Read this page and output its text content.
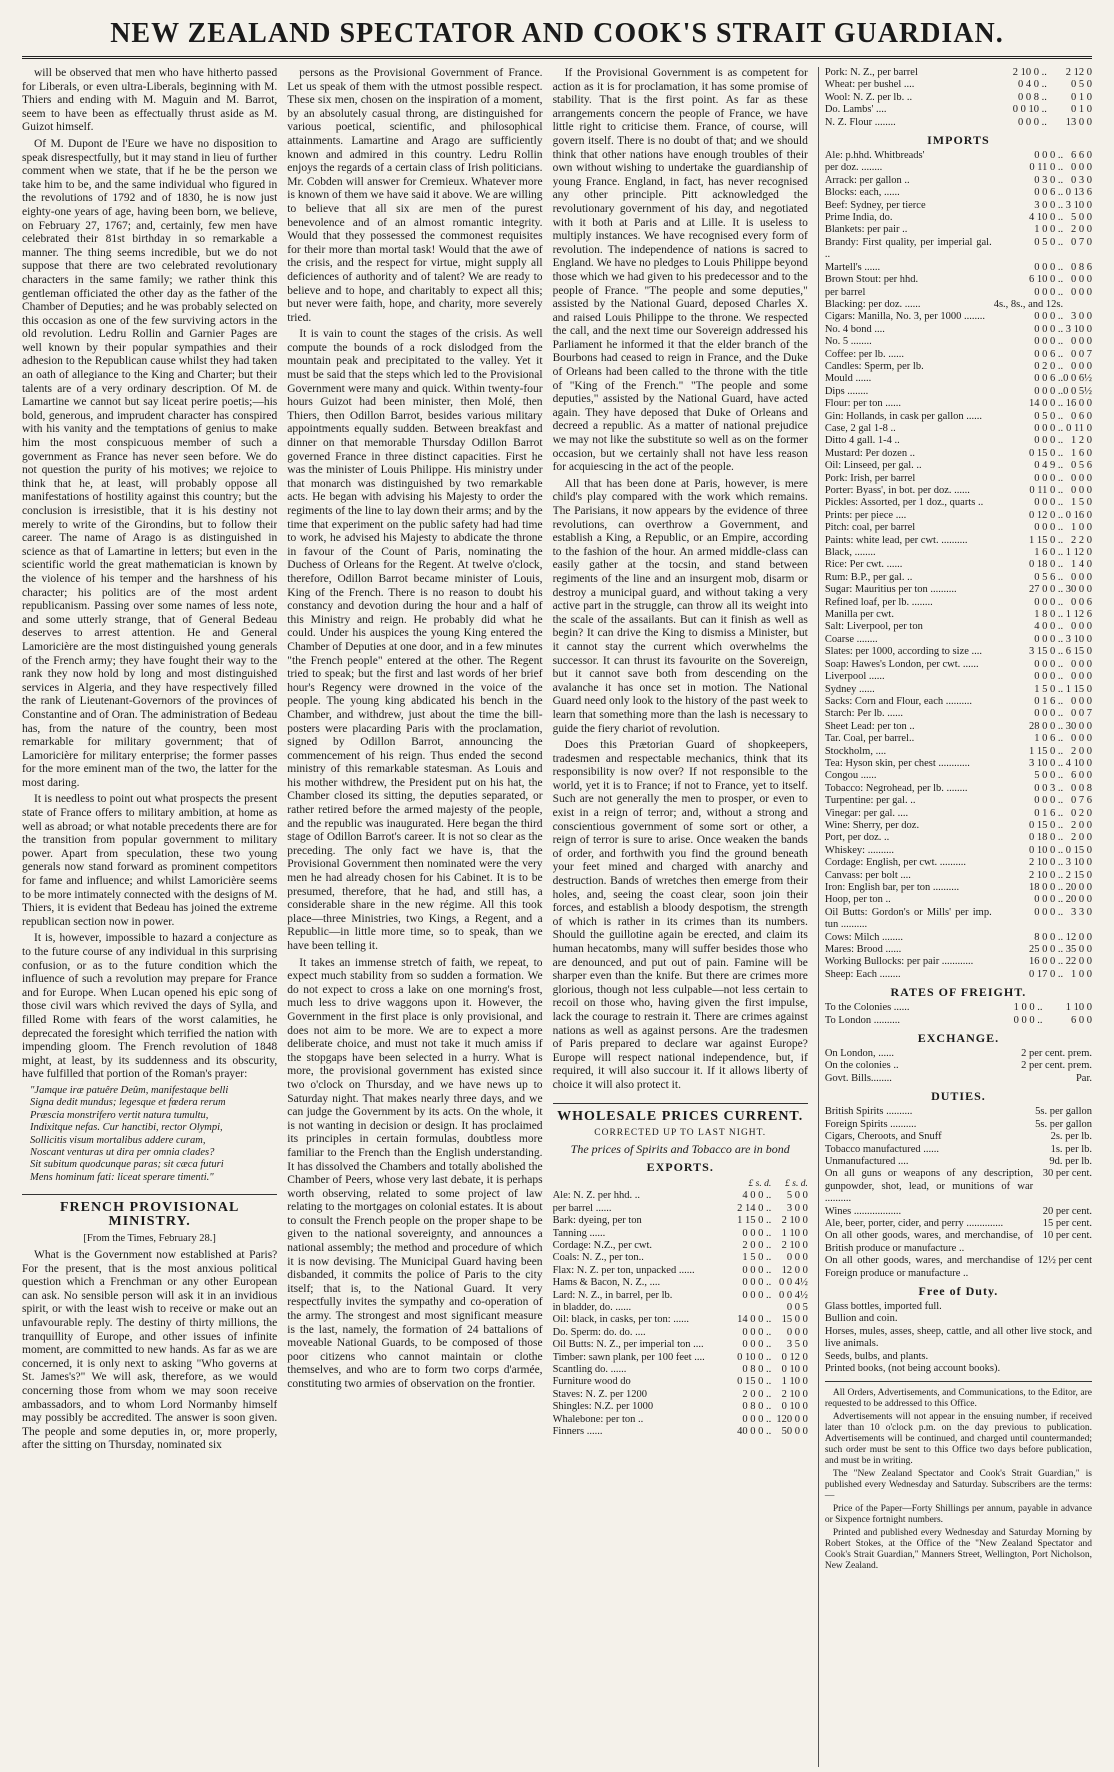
NEW ZEALAND SPECTATOR AND COOK'S STRAIT GUARDIAN.

will be observed that men who have hitherto passed for Liberals, or even ultra-Liberals, beginning with M. Thiers and ending with M. Maguin and M. Barrot, seem to have been as effectually thrust aside as M. Guizot himself.

Of M. Dupont de l'Eure we have no disposition to speak disrespectfully, but it may stand in lieu of further comment when we state, that if he be the person we take him to be, and the same individual who figured in the revolutions of 1792 and of 1830, he is now just eighty-one years of age, having been born, we believe, on February 27, 1767; and, certainly, few men have celebrated their 81st birthday in so remarkable a manner. The thing seems incredible, but we do not suppose that there are two celebrated revolutionary characters in the same family; we rather think this gentleman officiated the other day as the father of the Chamber of Deputies; and he was probably selected on this occasion as one of the few surviving actors in the old revolution. Ledru Rollin and Garnier Pages are well known by their popular sympathies and their adhesion to the Republican cause whilst they had taken an oath of allegiance to the King and Charter; but their talents are of a very ordinary description. Of M. de Lamartine we cannot but say liceat perire poetis;—his bold, generous, and imprudent character has conspired with his vanity and the temptations of genius to make him the most conspicuous member of such a government as France has never seen before. We do not question the purity of his motives; we rejoice to think that he, at least, will probably oppose all manifestations of hostility against this country; but the conclusion is irresistible, that it is his destiny not merely to write of the Girondins, but to follow their career. The name of Arago is as distinguished in science as that of Lamartine in letters; but even in the scientific world the great mathematician is known by the violence of his temper and the harshness of his character; his politics are of the most ardent republicanism. Passing over some names of less note, and some utterly strange, that of General Bedeau deserves to arrest attention. He and General Lamoricière are the most distinguished young generals of the French army; they have fought their way to the rank they now hold by long and most distinguished services in Algeria, and they have respectively filled the rank of Lieutenant-Governors of the provinces of Constantine and of Oran. The administration of Bedeau has, from the nature of the country, been most remarkable for military government; that of Lamoricière for military enterprise; the former passes for the more eminent man of the two, the latter for the most daring.

It is needless to point out what prospects the present state of France offers to military ambition, at home as well as abroad; or what notable precedents there are for the transition from popular government to military power. Apart from speculation, these two young generals now stand forward as prominent competitors for fame and influence; and whilst Lamoricière seems to be more intimately connected with the designs of M. Thiers, it is evident that Bedeau has joined the extreme republican section now in power.

It is, however, impossible to hazard a conjecture as to the future course of any individual in this surprising confusion, or as to the future condition which the influence of such a revolution may prepare for France and for Europe. When Lucan opened his epic song of those civil wars which revived the days of Sylla, and filled Rome with fears of the worst calamities, he deprecated the foresight which terrified the nation with impending gloom. The French revolution of 1848 might, at least, by its suddenness and its obscurity, have fulfilled that portion of the Roman's prayer:

"Jamque iræ patuêre Deûm, manifestaque belli
Signa dedit mundus; legesque et fœdera rerum
Præscia monstrifero vertit natura tumultu,
Indixitque nefas. Cur hanctibi, rector Olympi,
Sollicitis visum mortalibus addere curam,
Noscant venturas ut dira per omnia clades?
Sit subitum quodcunque paras; sit cæca futuri
Mens hominum fati: liceat sperare timenti."
FRENCH PROVISIONAL MINISTRY.
[From the Times, February 28.]

What is the Government now established at Paris? For the present, that is the most anxious political question which a Frenchman or any other European can ask. No sensible person will ask it in an invidious spirit, or with the least wish to receive or make out an unfavourable reply. The destiny of thirty millions, the tranquillity of Europe, and other issues of infinite moment, are committed to new hands. As far as we are concerned, it is only next to asking "Who governs at St. James's?" We will ask, therefore, as we would concerning those from whom we may soon receive ambassadors, and to whom Lord Normanby himself may possibly be accredited. The answer is soon given. The people and some deputies in, or, more properly, after the sitting on Thursday, nominated six

persons as the Provisional Government of France. Let us speak of them with the utmost possible respect. These six men, chosen on the inspiration of a moment, by an absolutely casual throng, are distinguished for various poetical, scientific, and philosophical attainments. Lamartine and Arago are sufficiently known and admired in this country. Ledru Rollin enjoys the regards of a certain class of Irish politicians. Mr. Cobden will answer for Cremieux. Whatever more is known of them we have said it above. We are willing to believe that all six are men of the purest benevolence and of an almost romantic integrity. Would that they possessed the commonest requisites for their more than mortal task! Would that the awe of the crisis, and the respect for virtue, might supply all deficiences of authority and of talent? We are ready to believe and to hope, and charitably to expect all this; but never were faith, hope, and charity, more severely tried.

It is vain to count the stages of the crisis. As well compute the bounds of a rock dislodged from the mountain peak and precipitated to the valley. Yet it must be said that the steps which led to the Provisional Government were many and quick. Within twenty-four hours Guizot had been minister, then Molé, then Thiers, then Odillon Barrot, besides various military appointments equally sudden. Between breakfast and dinner on that memorable Thursday Odillon Barrot governed France in three distinct capacities. First he was the minister of Louis Philippe. His ministry under that monarch was distinguished by two remarkable acts. He began with advising his Majesty to order the regiments of the line to lay down their arms; and by the time that experiment on the public safety had had time to work, he advised his Majesty to abdicate the throne in favour of the Count of Paris, nominating the Duchess of Orleans for the Regent. At twelve o'clock, therefore, Odillon Barrot became minister of Louis, King of the French. There is no reason to doubt his constancy and devotion during the hour and a half of this Ministry and reign. He probably did what he could. Under his auspices the young King entered the Chamber of Deputies at one door, and in a few minutes "the French people" entered at the other. The Regent tried to speak; but the first and last words of her brief hour's Regency were drowned in the voice of the people. The young king abdicated his bench in the Chamber, and withdrew, just about the time the bill-posters were placarding Paris with the proclamation, signed by Odillon Barrot, announcing the commencement of his reign. Thus ended the second ministry of this remarkable statesman. As Louis and his mother withdrew, the President put on his hat, the Chamber closed its sitting, the deputies separated, or rather retired before the armed majesty of the people, and the republic was inaugurated. Here began the third stage of Odillon Barrot's career. It is not so clear as the preceding. The only fact we have is, that the Provisional Government then nominated were the very men he had already chosen for his Cabinet. It is to be presumed, therefore, that he had, and still has, a considerable share in the new régime. All this took place—three Ministries, two Kings, a Regent, and a Republic—in little more time, so to speak, than we have been telling it.

It takes an immense stretch of faith, we repeat, to expect much stability from so sudden a formation. We do not expect to cross a lake on one morning's frost, much less to drive waggons upon it. However, the Government in the first place is only provisional, and does not aim to be more. We are to expect a more deliberate choice, and must not take it much amiss if the stopgaps have been selected in a hurry. What is more, the provisional government has existed since two o'clock on Thursday, and we have news up to Saturday night. That makes nearly three days, and we can judge the Government by its acts. On the whole, it is not wanting in decision or design. It has proclaimed its principles in certain formulas, doubtless more familiar to the French than the English understanding. It has dissolved the Chambers and totally abolished the Chamber of Peers, whose very last debate, it is perhaps worth observing, related to some project of law relating to the mortgages on colonial estates. It is about to consult the French people on the proper shape to be given to the national sovereignty, and announces a national assembly; the method and procedure of which it is now devising. The Municipal Guard having been disbanded, it commits the police of Paris to the city itself; that is, to the National Guard. It very respectfully invites the sympathy and co-operation of the army. The strongest and most significant measure is the last, namely, the formation of 24 battalions of moveable National Guards, to be composed of those poor citizens who cannot maintain or clothe themselves, and who are to form two corps d'armée, constituting two armies of observation on the frontier.

If the Provisional Government is as competent for action as it is for proclamation, it has some promise of stability. That is the first point. As far as these arrangements concern the people of France, we have little right to criticise them. France, of course, will govern itself. There is no doubt of that; and we should think that other nations have enough troubles of their own without wishing to undertake the guardianship of young France. England, in fact, has never recognised any other principle. Pitt acknowledged the revolutionary government of his day, and negotiated with it both at Paris and at Lille. It is useless to multiply instances. We have recognised every form of revolution. The independence of nations is sacred to England. We have no pledges to Louis Philippe beyond those which we had given to his predecessor and to the people of France. "The people and some deputies," assisted by the National Guard, deposed Charles X. and raised Louis Philippe to the throne. We respected the call, and the next time our Sovereign addressed his Parliament he informed it that the elder branch of the Bourbons had ceased to reign in France, and the Duke of Orleans had been called to the throne with the title of "King of the French." "The people and some deputies," assisted by the National Guard, have acted again. They have deposed that Duke of Orleans and decreed a republic. As a matter of national prejudice we may not like the substitute so well as on the former occasion, but we certainly shall not have less reason for acquiescing in the act of the people.

All that has been done at Paris, however, is mere child's play compared with the work which remains. The Parisians, it now appears by the evidence of three revolutions, can overthrow a Government, and establish a King, a Republic, or an Empire, according to the fashion of the hour. An armed middle-class can easily gather at the tocsin, and stand between regiments of the line and an insurgent mob, disarm or destroy a municipal guard, and without taking a very active part in the struggle, can throw all its weight into the scale of the assailants. But can it finish as well as begin? It can drive the King to dismiss a Minister, but it cannot stay the current which overwhelms the successor. It can thrust its favourite on the Sovereign, but it cannot save both from descending on the avalanche it has once set in motion. The National Guard need only look to the history of the past week to learn that something more than the lash is necessary to guide the fiery chariot of revolution.

Does this Prætorian Guard of shopkeepers, tradesmen and respectable mechanics, think that its responsibility is now over? If not responsible to the world, yet it is to France; if not to France, yet to itself. Such are not generally the men to prosper, or even to exist in a reign of terror; and, without a strong and conscientious government of some sort or other, a reign of terror is sure to arise. Once weaken the bands of order, and forthwith you find the ground beneath your feet mined and charged with anarchy and destruction. Bands of wretches then emerge from their holes, and, seeing the coast clear, soon join their forces, and establish a bloody despotism, the strength of which is rather in its crimes than its numbers. Should the guillotine again be erected, and claim its human hecatombs, many will suffer besides those who are denounced, and put out of pain. Famine will be sharper even than the knife. But there are crimes more glorious, though not less culpable—not less certain to recoil on those who, having given the first impulse, lack the courage to restrain it. There are crimes against nations as well as against persons. Are the tradesmen of Paris prepared to declare war against Europe? Europe will respect national independence, but, if required, it will also succour it. If it allows liberty of choice it will also protect it.

WHOLESALE PRICES CURRENT.
CORRECTED UP TO LAST NIGHT.
The prices of Spirits and Tobacco are in bond
EXPORTS.
	£ s. d.	£ s. d.
Ale: N. Z. per hhd. ..	4 0 0 ..	5 0 0
per barrel ......	2 14 0 ..	3 0 0
Bark: dyeing, per ton	1 15 0 ..	2 10 0
Tanning ......	0 0 0 ..	1 10 0
Cordage: N.Z., per cwt.	2 0 0 ..	2 10 0
Coals: N. Z., per ton..	1 5 0 ..	0 0 0
Flax: N. Z. per ton, unpacked ......	0 0 0 ..	12 0 0
Hams & Bacon, N. Z., ....	0 0 0 ..	0 0 4½
Lard: N. Z., in barrel, per lb.	0 0 0 ..	0 0 4½
in bladder, do. ......		0 0 5
Oil: black, in casks, per ton: ......	14 0 0 ..	15 0 0
Do. Sperm: do. do. ....	0 0 0 ..	0 0 0
Oil Butts: N. Z., per imperial ton ....	0 0 0 ..	3 5 0
Timber: sawn plank, per 100 feet ....	0 10 0 ..	0 12 0
Scantling do. ......	0 8 0 ..	0 10 0
Furniture wood do	0 15 0 ..	1 10 0
Staves: N. Z. per 1200	2 0 0 ..	2 10 0
Shingles: N.Z. per 1000	0 8 0 ..	0 10 0
Whalebone: per ton ..	0 0 0 ..	120 0 0
Finners ......	40 0 0 ..	50 0 0
Pork: N. Z., per barrel	2 10 0 ..	2 12 0
Wheat: per bushel ....	0 4 0 ..	0 5 0
Wool: N. Z. per lb. ..	0 0 8 ..	0 1 0
Do. Lambs' ....	0 0 10 ..	0 1 0
N. Z. Flour ........	0 0 0 ..	13 0 0
IMPORTS
Ale: p.hhd. Whitbreads'	0 0 0 ..	6 6 0
per doz. ........	0 11 0 ..	0 0 0
Arrack: per gallon ..	0 3 0 ..	0 3 0
Blocks: each, ......	0 0 6 ..	0 13 6
Beef: Sydney, per tierce	3 0 0 ..	3 10 0
Prime India, do.	4 10 0 ..	5 0 0
Blankets: per pair ..	1 0 0 ..	2 0 0
Brandy: First quality, per imperial gal. ..	0 5 0 ..	0 7 0
Martell's ......	0 0 0 ..	0 8 6
Brown Stout: per hhd.	6 10 0 ..	0 0 0
per barrel	0 0 0 ..	0 0 0
Blacking: per doz. ......	4s., 8s., and 12s.	
Cigars: Manilla, No. 3, per 1000 ........	0 0 0 ..	3 0 0
No. 4 bond ....	0 0 0 ..	3 10 0
No. 5 ........	0 0 0 ..	0 0 0
Coffee: per lb. ......	0 0 6 ..	0 0 7
Candles: Sperm, per lb.	0 2 0 ..	0 0 0
Mould ......	0 0 6 ..	0 0 6½
Dips ........	0 0 0 ..	0 0 5½
Flour: per ton ......	14 0 0 ..	16 0 0
Gin: Hollands, in cask per gallon ......	0 5 0 ..	0 6 0
Case, 2 gal 1-8 ..	0 0 0 ..	0 11 0
Ditto 4 gall. 1-4 ..	0 0 0 ..	1 2 0
Mustard: Per dozen ..	0 15 0 ..	1 6 0
Oil: Linseed, per gal. ..	0 4 9 ..	0 5 6
Pork: Irish, per barrel	0 0 0 ..	0 0 0
Porter: Byass', in bot. per doz. ......	0 11 0 ..	0 0 0
Pickles: Assorted, per 1 doz., quarts ..	0 0 0 ..	1 5 0
Prints: per piece ....	0 12 0 ..	0 16 0
Pitch: coal, per barrel	0 0 0 ..	1 0 0
Paints: white lead, per cwt. ..........	1 15 0 ..	2 2 0
Black, ........	1 6 0 ..	1 12 0
Rice: Per cwt. ......	0 18 0 ..	1 4 0
Rum: B.P., per gal. ..	0 5 6 ..	0 0 0
Sugar: Mauritius per ton ..........	27 0 0 ..	30 0 0
Refined loaf, per lb. ........	0 0 0 ..	0 0 6
Manilla per cwt.	1 8 0 ..	1 12 6
Salt: Liverpool, per ton	4 0 0 ..	0 0 0
Coarse ........	0 0 0 ..	3 10 0
Slates: per 1000, according to size ....	3 15 0 ..	6 15 0
Soap: Hawes's London, per cwt. ......	0 0 0 ..	0 0 0
Liverpool ......	0 0 0 ..	0 0 0
Sydney ......	1 5 0 ..	1 15 0
Sacks: Corn and Flour, each ..........	0 1 6 ..	0 0 0
Starch: Per lb. ......	0 0 0 ..	0 0 7
Sheet Lead: per ton ..	28 0 0 ..	30 0 0
Tar. Coal, per barrel..	1 0 6 ..	0 0 0
Stockholm, ....	1 15 0 ..	2 0 0
Tea: Hyson skin, per chest ............	3 10 0 ..	4 10 0
Congou ......	5 0 0 ..	6 0 0
Tobacco: Negrohead, per lb. ........	0 0 3 ..	0 0 8
Turpentine: per gal. ..	0 0 0 ..	0 7 6
Vinegar: per gal. ....	0 1 6 ..	0 2 0
Wine: Sherry, per doz.	0 15 0 ..	2 0 0
Port, per doz. ..	0 18 0 ..	2 0 0
Whiskey: ..........	0 10 0 ..	0 15 0
Cordage: English, per cwt. ..........	2 10 0 ..	3 10 0
Canvass: per bolt ....	2 10 0 ..	2 15 0
Iron: English bar, per ton ..........	18 0 0 ..	20 0 0
Hoop, per ton ..	0 0 0 ..	20 0 0
Oil Butts: Gordon's or Mills' per imp. tun ..........	0 0 0 ..	3 3 0
Cows: Milch ........	8 0 0 ..	12 0 0
Mares: Brood ......	25 0 0 ..	35 0 0
Working Bullocks: per pair ............	16 0 0 ..	22 0 0
Sheep: Each ........	0 17 0 ..	1 0 0
RATES OF FREIGHT.
To the Colonies ......	1 0 0 ..	1 10 0
To London ..........	0 0 0 ..	6 0 0
EXCHANGE.
On London, ......	2 per cent. prem.
On the colonies ..	2 per cent. prem.
Govt. Bills........	Par.
DUTIES.
British Spirits ..........	5s. per gallon
Foreign Spirits ..........	5s. per gallon
Cigars, Cheroots, and Snuff	2s. per lb.
Tobacco manufactured ......	1s. per lb.
Unmanufactured ....	9d. per lb.
On all guns or weapons of any description, gunpowder, shot, lead, or munitions of war ..........	30 per cent.
Wines ..................	20 per cent.
Ale, beer, porter, cider, and perry ..............	15 per cent.
On all other goods, wares, and merchandise, of British produce or manufacture ..	10 per cent.
On all other goods, wares, and merchandise of Foreign produce or manufacture ..	12½ per cent
Free of Duty.
Glass bottles, imported full.
Bullion and coin.
Horses, mules, asses, sheep, cattle, and all other live stock, and live animals.
Seeds, bulbs, and plants.
Printed books, (not being account books).
All Orders, Advertisements, and Communications, to the Editor, are requested to be addressed to this Office.
Advertisements will not appear in the ensuing number, if received later than 10 o'clock p.m. on the day previous to publication. Advertisements will be continued, and charged until countermanded; such order must be sent to this Office two days before publication, and must be in writing.
The "New Zealand Spectator and Cook's Strait Guardian," is published every Wednesday and Saturday. Subscribers are the terms:—
Price of the Paper—Forty Shillings per annum, payable in advance or Sixpence fortnight numbers.
Printed and published every Wednesday and Saturday Morning by Robert Stokes, at the Office of the "New Zealand Spectator and Cook's Strait Guardian," Manners Street, Wellington, Port Nicholson, New Zealand.
